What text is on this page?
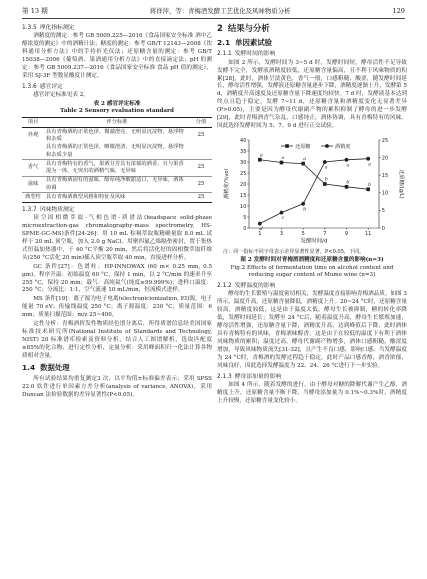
第 13 期	蒋祥萍，等：青梅酒发酵工艺优化及风味物质分析	129
1.3.5 理化指标测定

酒精度的测定：参考 GB 5009.225—2016《食品国家安全标准 酒中乙醇浓度的测定》中的酒精计法；糖度的测定：参考 GB/T 12143—2008《饮料通用分析方法》中的手持折光仪法；还原糖含量的测定：参考 GB/T 15038—2006《葡萄酒、果酒通用分析方法》中的直接滴定法；pH 的测定：参考 GB 5009.237—2016《食品国家安全标准 食品 pH 值的测定》，采用 SJ-3F 型数显酸度计测定。

1.3.6 感官评定

感官评定标准见表 2。

表 2 感官评定标准
Table 2 Sensory evaluation standard
项目	评分标准	分值
外观	具有青梅酒的正常色泽，微澈澄亮，无明显沉淀物，悬浮物和杂质	25
	具有青梅酒的正常色泽，略微澄清，无明显沉淀物，悬浮物和杂质少量	
香气	具有青梅特有的香气，果酒芬芳具有浓郁的酒香，且与果香混为一体，无突出的酒精气味，无异味	25
滋味	具有青梅酒固有的滋味，醇厚纯净酸甜适口，无异味，酒体协调	25
典型性	具有青梅酒典型风格和特征及风味	25
1.3.7 风味物质测定

顶空固相微萃取-气相色谱-质谱法(headspace solid-phase microextraction-gas chromatography-mass spectrometry, HS-SPME-GC-MS)条件[24-26]：用 10 mL 棕褐萃取瓶精确量取 8.0 mL 试样于 20 mL 顶空瓶，加入 2.0 g NaCl，用聚四氟乙烯隔垫密封，置于集热式恒温加热器中，于 40 °C平衡 20 min，然后将活化好的固相微萃取纤维头(250 °C活化 20 min)插入顶空瓶萃取 40 min，直接进样分析。

GC 条件[27]：色谱柱：HP-INNOWAX (60 m× 0.25 mm, 0.5 μm)，程序升温：初始温度 60 °C，保持 1 min，以 2 °C/min 的速率升至 255 °C，保持 20 min；载气：高纯氦气(纯度≥99.999%)；进样口温度：250 °C；分流比：1:1，空气流速 10 mL/min，恒流模式进样。

MS 条件[19]：离子源为电子电离(electronicionization, EI)源，电子能量 70 eV；传输线温度 250 °C；离子源温度：230 °C；质量范围：6 mm；质量扫描范围：m/z 25~400。

定性分析：青梅酒挥发性物质经色谱分离后，所得质谱信息经美国国家标准技术研究所(National Institute of Standards and Technology, NIST) 20 标准谱库检索及资料分析，结合人工图谱解析，选取匹配度≥85%的化合物，进行定性分析，定量分析：采用峰面积归一化法计算各物质相对含量。

1.4 数据处理

所有试验结果均重复测定3 次，以平均值±标准偏差表示；采用 SPSS 22.0 软件进行单因素方差分析(analysis of variance, ANOVA)，采用 Duncan 法检验数据的差异显著性(P<0.05)。

2 结果与分析
2.1 单因素试验
2.1.1 发酵时间的影响

如图 2 所示，发酵时间为 3~5 d 时，发酵时间短，酵母活性不足导致发酵不完全，发酵液酒精度较低，还原糖含量偏高，且不利于风味物质的积累[28]，此时，酒体呈淡黄色，香气一般，口感粗糙、酸涩，随发酵时间延长，酵母活性增强，发酵液还原糖含量逐步下降，酒精度逐渐上升，发酵第 5 d，酒精度升高速度及还原糖含量下降速度均较快。7 d 时，发酵液基本达到终点且趋于稳定，发酵 7~11 d，还原糖含量和酒精度变化无显著差异(P>0.05)，主要是因为酵母代谢副产物的累积抑制了酵母的进一步发酵[29]，此时青梅酒香气杂乱，口感纯正，酒体协调，具有青梅特有的风味。因此选择发酵时间为 5、7、9 d 进行正交试验。

0
5
10
15
20
25
30
35
40
0
5
10
15
20
25
1	3	5	7	9	11
发酵时间/d
酒精度/%vol	还原糖/(g/L)
a
a	a
b
b	b
d
c
b
a	a	a
还原糖	酒精度
注：同一指标不同字母表示差异显著性显著，P<0.05，下同。
图 2 发酵时间对青梅酒酒精度和还原糖含量的影响(n=3)
Fig.2 Effects of fermentation time on alcohol content and
reducing sugar content of Mume wine (n=3)
2.1.2 发酵温度的影响

酵母的生长繁殖与温度密切相关，发酵温度直接影响青梅酒品质。如图 3 所示，温度升高，还原糖含量降低，酒精度上升。20~24 °C时，还原糖含量较高，酒精度较低，这是由于温度太低，酵母生长被抑制，糖的转化率降低，发酵时间延长；发酵至 24 °C后，随着温度升高，酵母生长繁殖加速，酵母活性增强，还原糖含量下降，酒精度升高，达到峰值后下降，此时酒体具有青梅特有的风味，青梅酒味醇香，这是由于在较低的温度下有利于酒体风味物质的累积；温度过高，酵母代谢副产物增多，酒体口感粗糙，酸涩度增加，导致风味物质流失[31-32]，且产生不良口感，影响口感。当发酵温度为 24 °C时，青梅酒的发酵过程趋于稳定，此时产品口感香醇，酒香浓郁，风味良好，因此选择发酵温度为 22、24、26 °C进行下一步实验。

2.1.3 酵母添加量的影响

如图 4 所示，随着发酵的进行，由于酵母对糖的降解代谢产生乙醇，酒精度上升，还原糖含量不断下降，当酵母添加量为 0.1%~0.3%时，酒精度上升较慢，还原糖含量变化较小。
